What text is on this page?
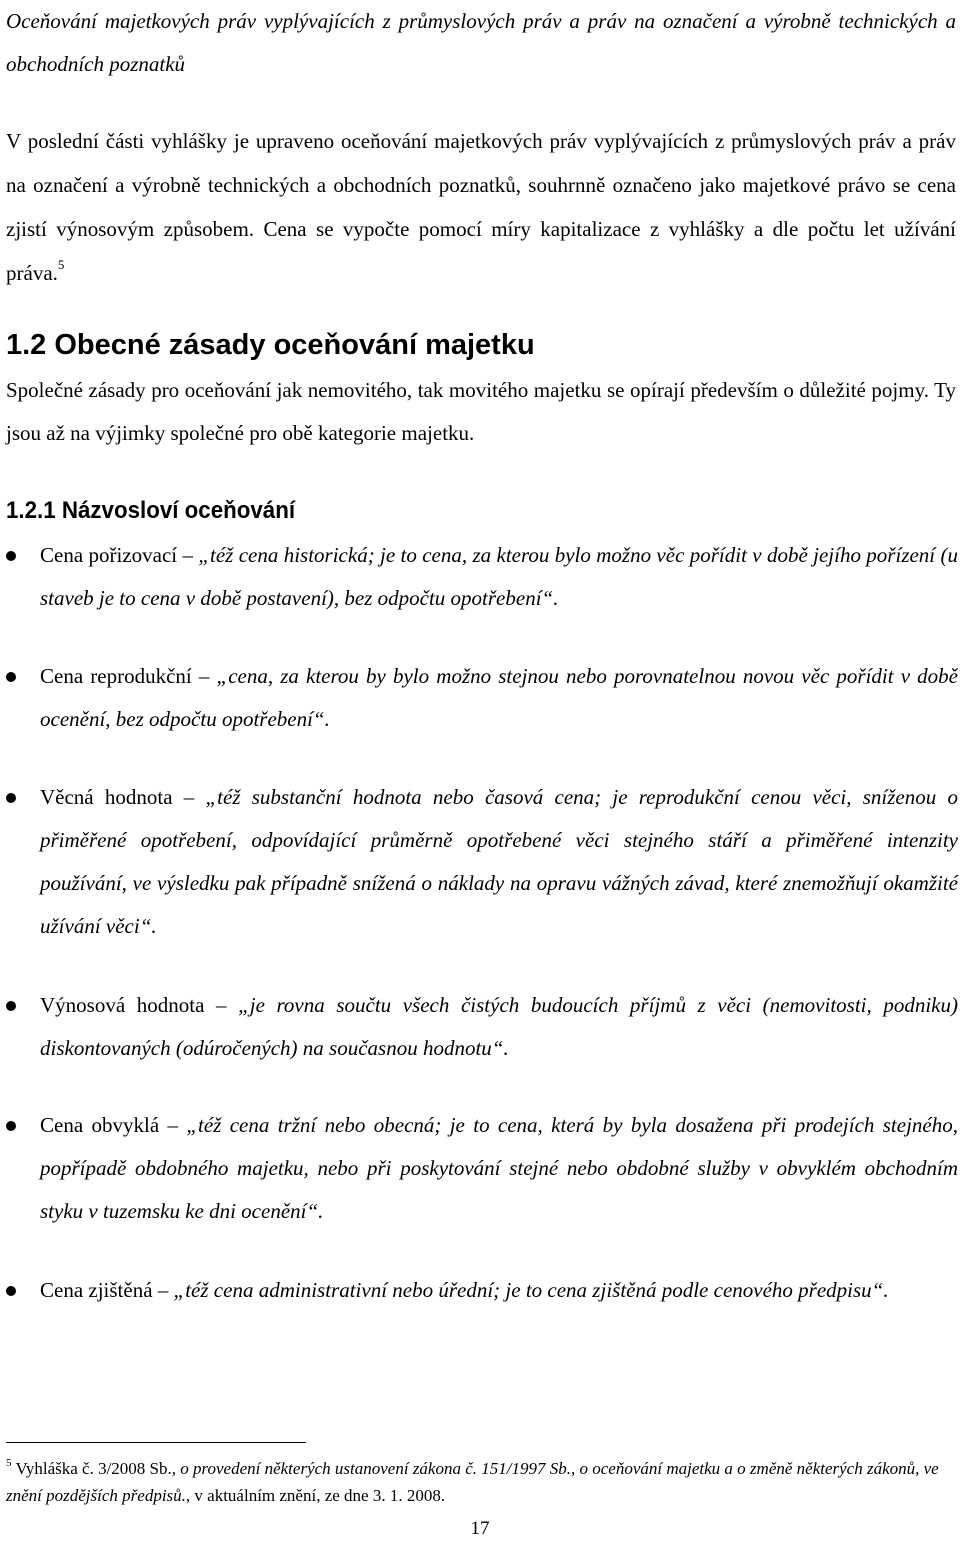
Oceňování majetkových práv vyplývajících z průmyslových práv a práv na označení a výrobně technických a obchodních poznatků
V poslední části vyhlášky je upraveno oceňování majetkových práv vyplývajících z průmyslových práv a práv na označení a výrobně technických a obchodních poznatků, souhrnně označeno jako majetkové právo se cena zjistí výnosovým způsobem. Cena se vypočte pomocí míry kapitalizace z vyhlášky a dle počtu let užívání práva.$^5$
1.2 Obecné zásady oceňování majetku
Společné zásady pro oceňování jak nemovitého, tak movitého majetku se opírají především o důležité pojmy. Ty jsou až na výjimky společné pro obě kategorie majetku.
1.2.1 Názvosloví oceňování
Cena pořizovací – „též cena historická; je to cena, za kterou bylo možno věc pořídit v době jejího pořízení (u staveb je to cena v době postavení), bez odpočtu opotřebení“.
Cena reprodukční – „cena, za kterou by bylo možno stejnou nebo porovnatelnou novou věc pořídit v době ocenění, bez odpočtu opotřebení“.
Věcná hodnota – „též substanční hodnota nebo časová cena; je reprodukční cenou věci, sníženou o přiměřené opotřebení, odpovídající průměrně opotřebené věci stejného stáří a přiměřené intenzity používání, ve výsledku pak případně snížená o náklady na opravu vážných závad, které znemožňují okamžité užívání věci“.
Výnosová hodnota – „je rovna součtu všech čistých budoucích příjmů z věci (nemovitosti, podniku) diskontovaných (odúročených) na současnou hodnotu“.
Cena obvyklá – „též cena tržní nebo obecná; je to cena, která by byla dosažena při prodejích stejného, popřípadě obdobného majetku, nebo při poskytování stejné nebo obdobné služby v obvyklém obchodním styku v tuzemsku ke dni ocenění“.
Cena zjištěná – „též cena administrativní nebo úřední; je to cena zjištěná podle cenového předpisu“.
$^5$ Vyhláška č. 3/2008 Sb., o provedení některých ustanovení zákona č. 151/1997 Sb., o oceňování majetku a o změně některých zákonů, ve znění pozdějších předpisů., v aktuálním znění, ze dne 3. 1. 2008.
17
